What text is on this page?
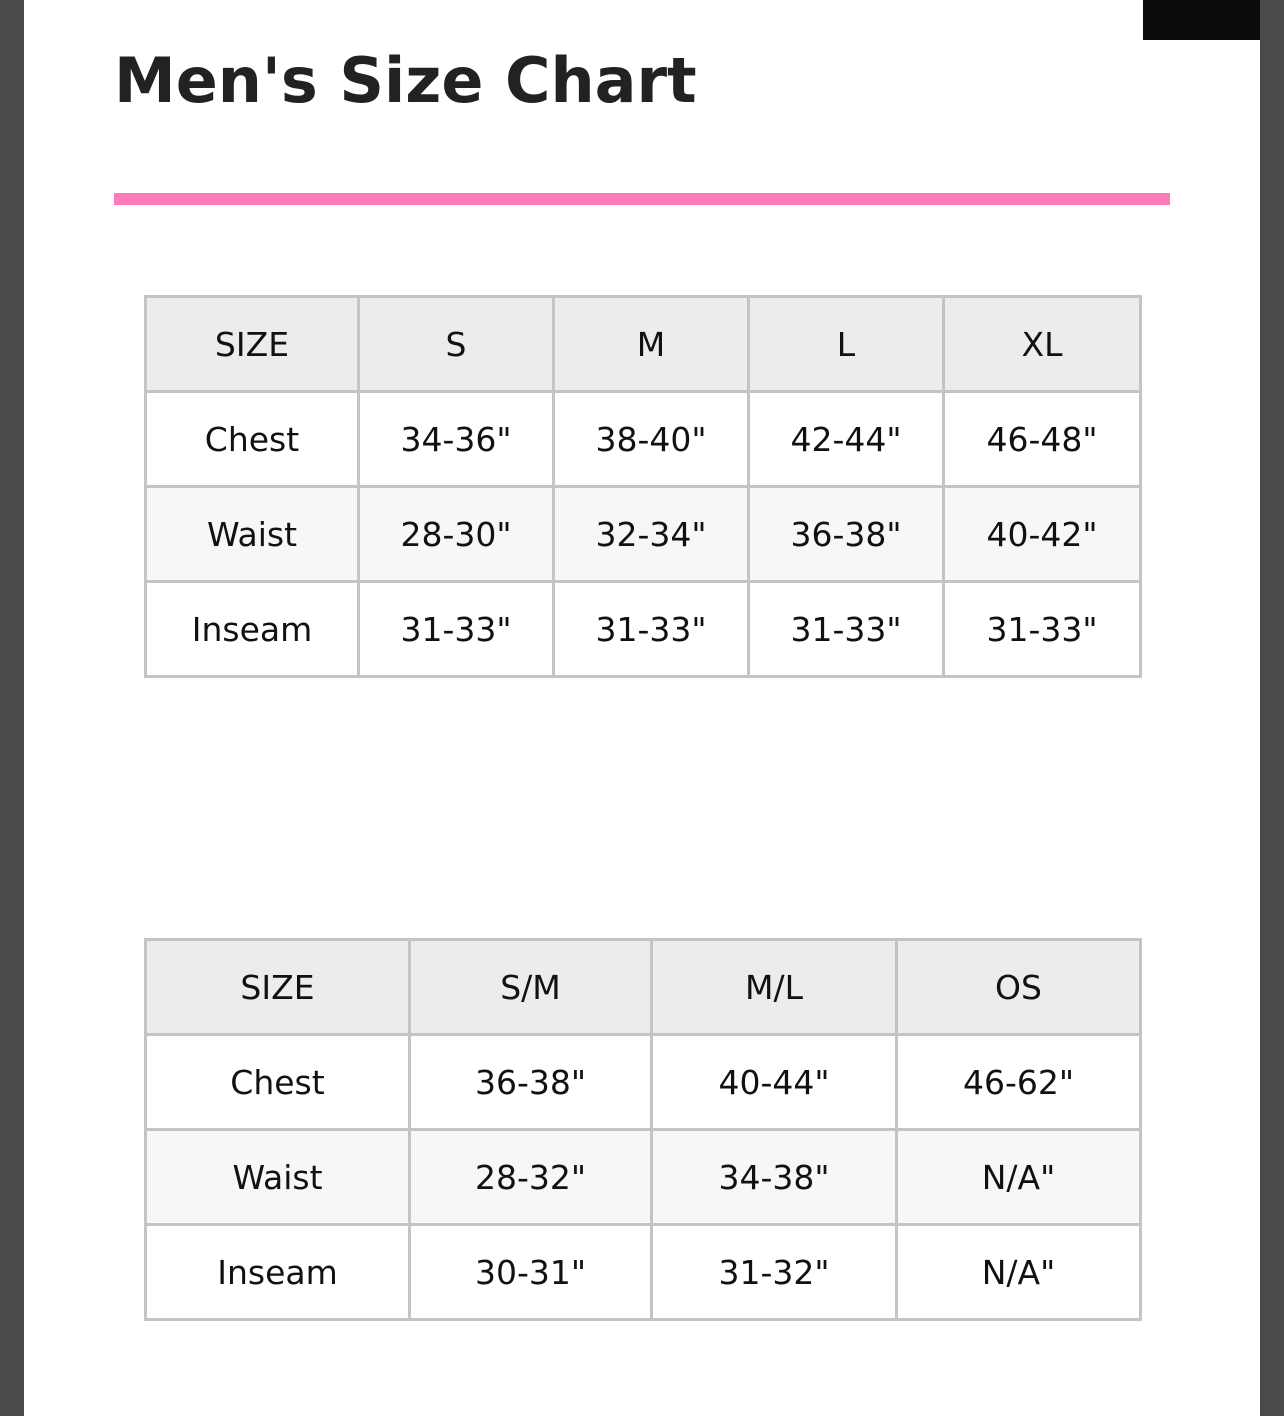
Men's Size Chart
SIZE	S	M	L	XL
Chest	34-36"	38-40"	42-44"	46-48"
Waist	28-30"	32-34"	36-38"	40-42"
Inseam	31-33"	31-33"	31-33"	31-33"
SIZE	S/M	M/L	OS
Chest	36-38"	40-44"	46-62"
Waist	28-32"	34-38"	N/A"
Inseam	30-31"	31-32"	N/A"
